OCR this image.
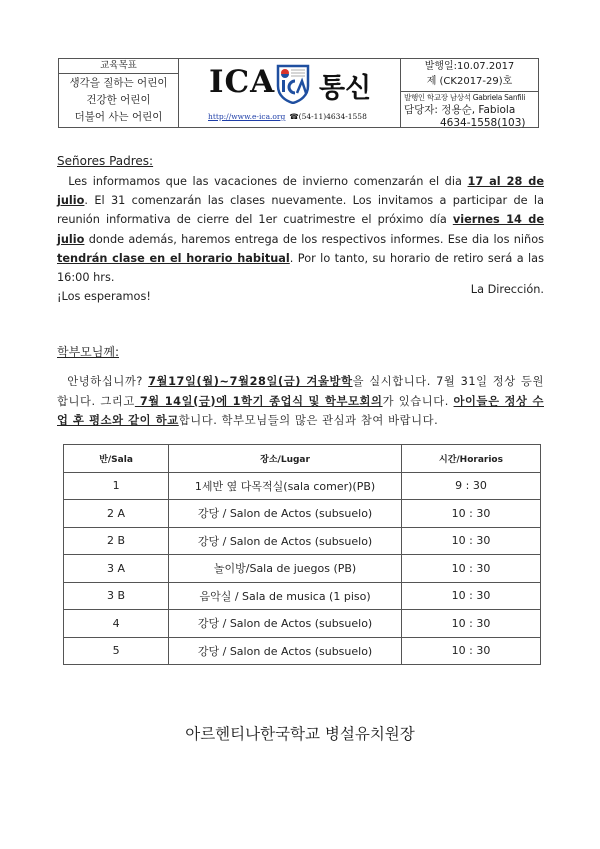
교육목표
생각을 질하는 어린이
건강한 어린이
더불어 사는 어린이
ICA 통신
http://www.e-ica.org ☎(54-11)4634-1558
발행일:10.07.2017
제 (CK2017-29)호
발행인 학교장 남상석 Gabriela Sanfili
담당자: 정용순, Fabiola
4634-1558(103)
Señores Padres:
Les informamos que las vacaciones de invierno comenzarán el dia 17 al 28 de julio. El 31 comenzarán las clases nuevamente. Los invitamos a participar de la reunión informativa de cierre del 1er cuatrimestre el próximo día viernes 14 de julio donde además, haremos entrega de los respectivos informes. Ese dia los niños tendrán clase en el horario habitual. Por lo tanto, su horario de retiro será a las 16:00 hrs.
¡Los esperamos!
La Dirección.
학부모님께:
안녕하십니까? 7월17일(월)~7월28일(금) 겨울방학을 실시합니다. 7월 31일 정상 등원합니다. 그리고 7월 14일(금)에 1학기 종업식 및 학부모회의가 있습니다. 아이들은 정상 수업 후 평소와 같이 하교합니다. 학부모님들의 많은 관심과 참여 바랍니다.
반/Sala	장소/Lugar	시간/Horarios
1	1세반 옆 다목적실(sala comer)(PB)	9 : 30
2 A	강당 / Salon de Actos (subsuelo)	10 : 30
2 B	강당 / Salon de Actos (subsuelo)	10 : 30
3 A	놀이방/Sala de juegos (PB)	10 : 30
3 B	음악실 / Sala de musica (1 piso)	10 : 30
4	강당 / Salon de Actos (subsuelo)	10 : 30
5	강당 / Salon de Actos (subsuelo)	10 : 30
아르헨티나한국학교 병설유치원장
